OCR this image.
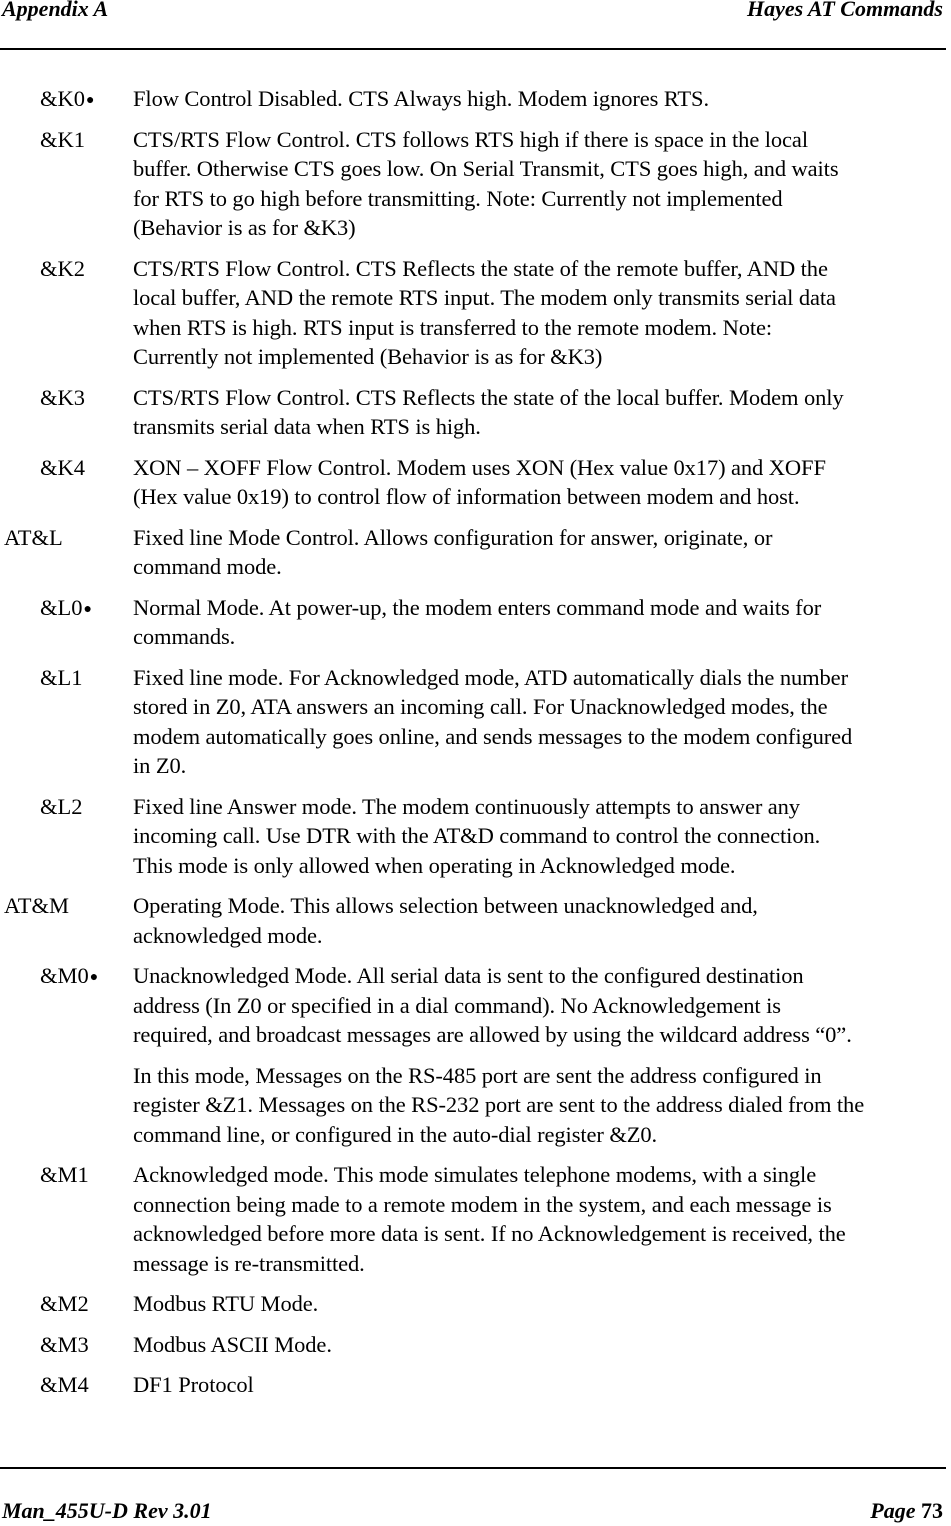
Appendix A	Hayes AT Commands
&K0● Flow Control Disabled. CTS Always high. Modem ignores RTS.
&K1 CTS/RTS Flow Control. CTS follows RTS high if there is space in the local
buffer. Otherwise CTS goes low. On Serial Transmit, CTS goes high, and waits
for RTS to go high before transmitting. Note: Currently not implemented
(Behavior is as for &K3)
&K2 CTS/RTS Flow Control. CTS Reflects the state of the remote buffer, AND the
local buffer, AND the remote RTS input. The modem only transmits serial data
when RTS is high. RTS input is transferred to the remote modem. Note:
Currently not implemented (Behavior is as for &K3)
&K3 CTS/RTS Flow Control. CTS Reflects the state of the local buffer. Modem only
transmits serial data when RTS is high.
&K4 XON – XOFF Flow Control. Modem uses XON (Hex value 0x17) and XOFF
(Hex value 0x19) to control flow of information between modem and host.
AT&L	Fixed line Mode Control. Allows configuration for answer, originate, or
command mode.
&L0● Normal Mode. At power-up, the modem enters command mode and waits for
commands.
&L1 Fixed line mode. For Acknowledged mode, ATD automatically dials the number
stored in Z0, ATA answers an incoming call. For Unacknowledged modes, the
modem automatically goes online, and sends messages to the modem configured
in Z0.
&L2 Fixed line Answer mode. The modem continuously attempts to answer any
incoming call. Use DTR with the AT&D command to control the connection.
This mode is only allowed when operating in Acknowledged mode.
AT&M	Operating Mode. This allows selection between unacknowledged and,
acknowledged mode.
&M0● Unacknowledged Mode. All serial data is sent to the configured destination
address (In Z0 or specified in a dial command). No Acknowledgement is
required, and broadcast messages are allowed by using the wildcard address “0”.
In this mode, Messages on the RS-485 port are sent the address configured in
register &Z1. Messages on the RS-232 port are sent to the address dialed from the
command line, or configured in the auto-dial register &Z0.
&M1 Acknowledged mode. This mode simulates telephone modems, with a single
connection being made to a remote modem in the system, and each message is
acknowledged before more data is sent. If no Acknowledgement is received, the
message is re-transmitted.
&M2 Modbus RTU Mode.
&M3 Modbus ASCII Mode.
&M4 DF1 Protocol
Man_455U-D Rev 3.01	Page 73
